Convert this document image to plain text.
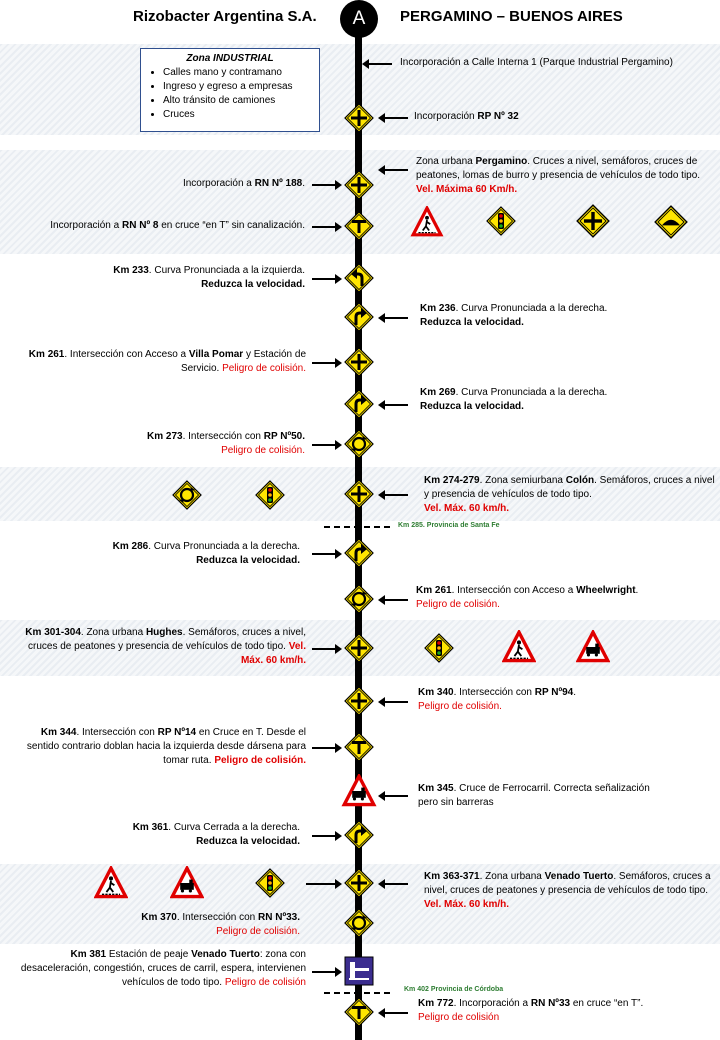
Rizobacter Argentina S.A.	A	PERGAMINO – BUENOS AIRES
Zona INDUSTRIAL
• Calles mano y contramano
• Ingreso y egreso a empresas
• Alto tránsito de camiones
• Cruces
Incorporación a Calle Interna 1 (Parque Industrial Pergamino)
Incorporación RP Nº 32
Zona urbana Pergamino. Cruces a nivel, semáforos, cruces de peatones, lomas de burro y presencia de vehículos de todo tipo. Vel. Máxima 60 Km/h.
Incorporación a RN Nº 188.
Incorporación a RN Nº 8 en cruce “en T” sin canalización.
Km 233. Curva Pronunciada a la izquierda.
Reduzca la velocidad.
Km 236. Curva Pronunciada a la derecha.
Reduzca la velocidad.
Km 261. Intersección con Acceso a Villa Pomar y Estación de Servicio. Peligro de colisión.
Km 269. Curva Pronunciada a la derecha.
Reduzca la velocidad.
Km 273. Intersección con RP Nº50.
Peligro de colisión.
Km 274-279. Zona semiurbana Colón. Semáforos, cruces a nivel y presencia de vehículos de todo tipo.
Vel. Máx. 60 km/h.
Km 285. Provincia de Santa Fe
Km 286. Curva Pronunciada a la derecha.
Reduzca la velocidad.
Km 261. Intersección con Acceso a Wheelwright.
Peligro de colisión.
Km 301-304. Zona urbana Hughes. Semáforos, cruces a nivel, cruces de peatones y presencia de vehículos de todo tipo. Vel. Máx. 60 km/h.
Km 340. Intersección con RP Nº94.
Peligro de colisión.
Km 344. Intersección con RP Nº14 en Cruce en T. Desde el sentido contrario doblan hacia la izquierda desde dársena para tomar ruta. Peligro de colisión.
Km 345. Cruce de Ferrocarril. Correcta señalización pero sin barreras
Km 361. Curva Cerrada a la derecha.
Reduzca la velocidad.
Km 363-371. Zona urbana Venado Tuerto. Semáforos, cruces a nivel, cruces de peatones y presencia de vehículos de todo tipo. Vel. Máx. 60 km/h.
Km 370. Intersección con RN Nº33.
Peligro de colisión.
Km 381 Estación de peaje Venado Tuerto: zona con desaceleración, congestión, cruces de carril, espera, intervienen vehículos de todo tipo. Peligro de colisión
Km 402 Provincia de Córdoba
Km 772. Incorporación a RN Nº33 en cruce “en T”.
Peligro de colisión
